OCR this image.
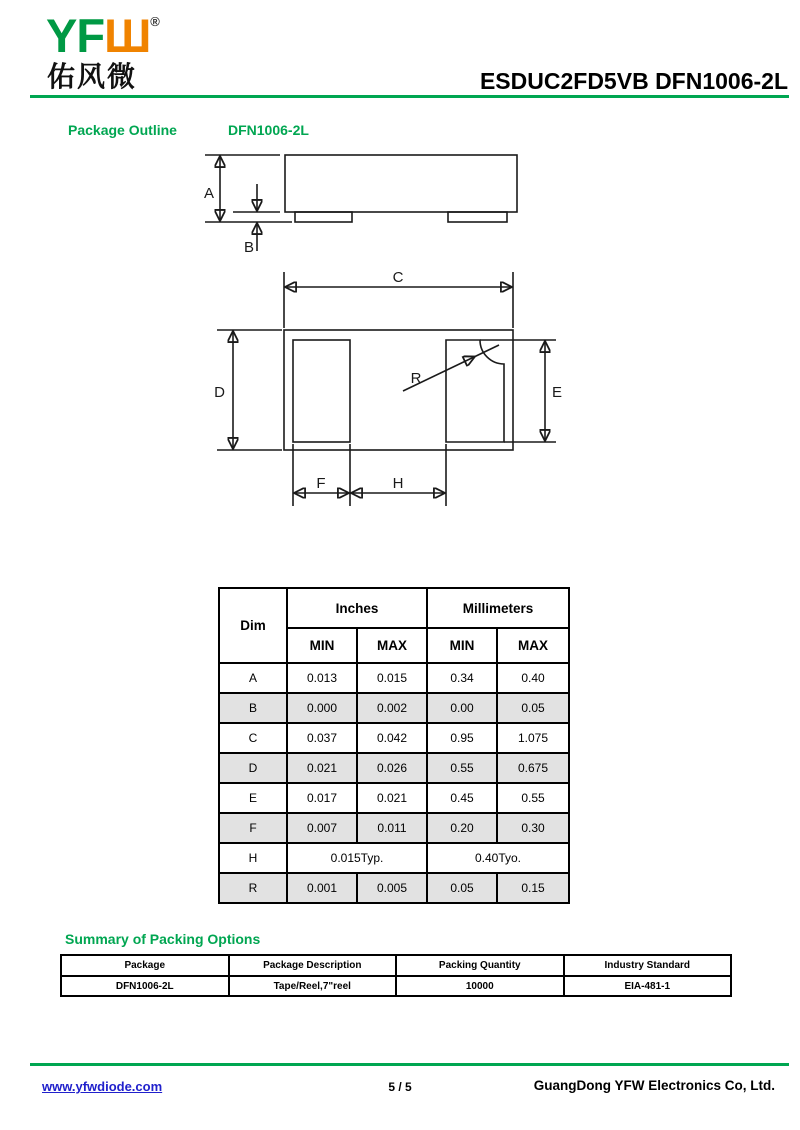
YFШ®
佑风微	ESDUC2FD5VB DFN1006-2L
Package Outline	DFN1006-2L
A
B
C
D
R
E
F	H
Dim	Inches		Millimeters	
	MIN	MAX	MIN	MAX
A	0.013	0.015	0.34	0.40
B	0.000	0.002	0.00	0.05
C	0.037	0.042	0.95	1.075
D	0.021	0.026	0.55	0.675
E	0.017	0.021	0.45	0.55
F	0.007	0.011	0.20	0.30
H	0.015Typ.		0.40Tyo.	
R	0.001	0.005	0.05	0.15
Summary of Packing Options
Package	Package Description	Packing Quantity	Industry Standard
DFN1006-2L	Tape/Reel,7"reel	10000	EIA-481-1
www.yfwdiode.com	5 / 5	GuangDong YFW Electronics Co, Ltd.
